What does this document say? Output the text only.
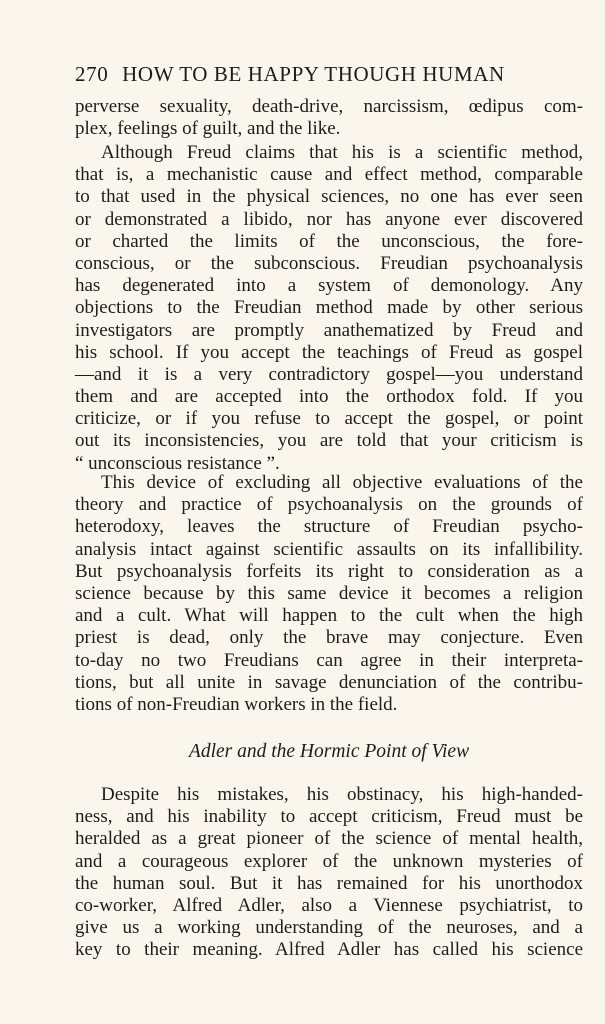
270 HOW TO BE HAPPY THOUGH HUMAN
perverse sexuality, death-drive, narcissism, œdipus com-
plex, feelings of guilt, and the like.
Although Freud claims that his is a scientific method,
that is, a mechanistic cause and effect method, comparable
to that used in the physical sciences, no one has ever seen
or demonstrated a libido, nor has anyone ever discovered
or charted the limits of the unconscious, the fore-
conscious, or the subconscious. Freudian psychoanalysis
has degenerated into a system of demonology. Any
objections to the Freudian method made by other serious
investigators are promptly anathematized by Freud and
his school. If you accept the teachings of Freud as gospel
—and it is a very contradictory gospel—you understand
them and are accepted into the orthodox fold. If you
criticize, or if you refuse to accept the gospel, or point
out its inconsistencies, you are told that your criticism is
“ unconscious resistance ”.
This device of excluding all objective evaluations of the
theory and practice of psychoanalysis on the grounds of
heterodoxy, leaves the structure of Freudian psycho-
analysis intact against scientific assaults on its infallibility.
But psychoanalysis forfeits its right to consideration as a
science because by this same device it becomes a religion
and a cult. What will happen to the cult when the high
priest is dead, only the brave may conjecture. Even
to-day no two Freudians can agree in their interpreta-
tions, but all unite in savage denunciation of the contribu-
tions of non-Freudian workers in the field.
Adler and the Hormic Point of View
Despite his mistakes, his obstinacy, his high-handed-
ness, and his inability to accept criticism, Freud must be
heralded as a great pioneer of the science of mental health,
and a courageous explorer of the unknown mysteries of
the human soul. But it has remained for his unorthodox
co-worker, Alfred Adler, also a Viennese psychiatrist, to
give us a working understanding of the neuroses, and a
key to their meaning. Alfred Adler has called his science
